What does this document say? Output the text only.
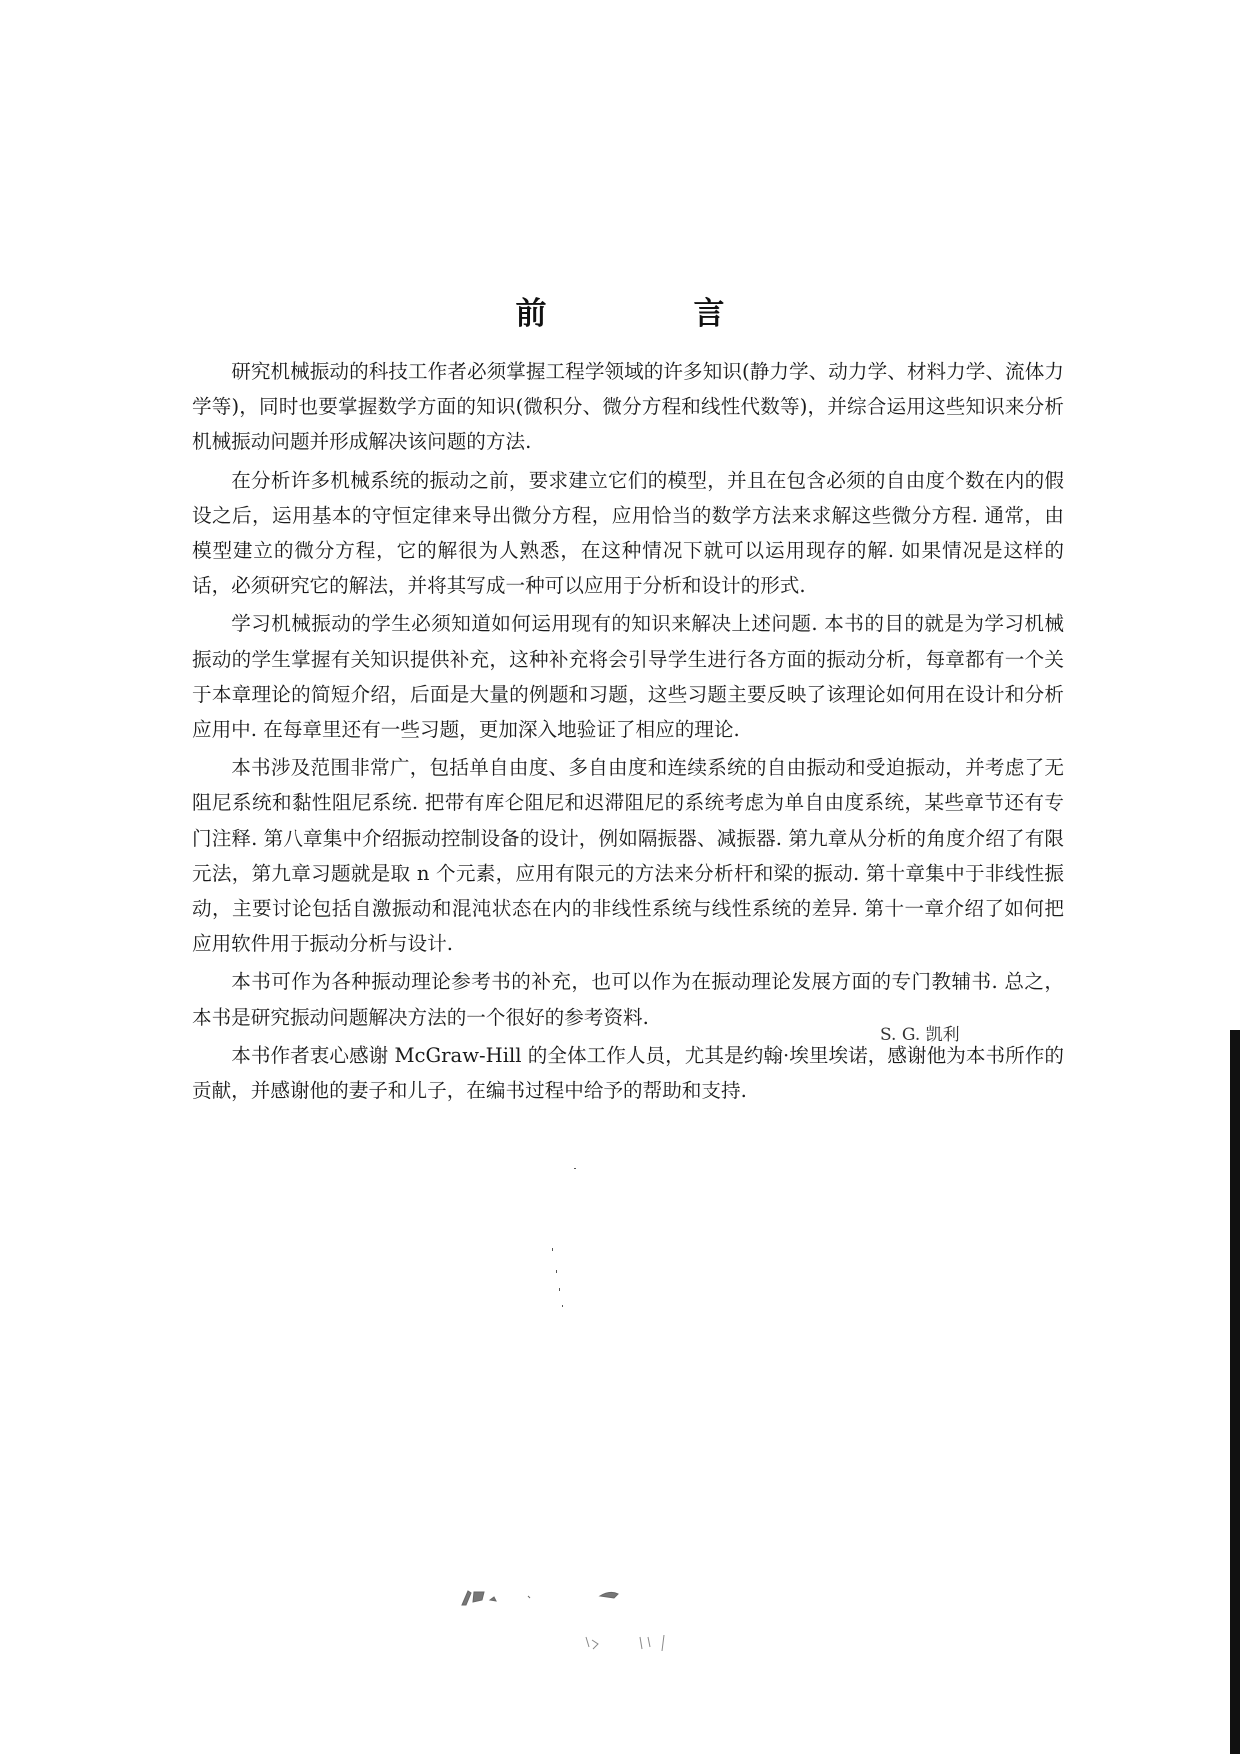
前　言

研究机械振动的科技工作者必须掌握工程学领域的许多知识(静力学、动力学、材料力学、流体力学等)，同时也要掌握数学方面的知识(微积分、微分方程和线性代数等)，并综合运用这些知识来分析机械振动问题并形成解决该问题的方法.

在分析许多机械系统的振动之前，要求建立它们的模型，并且在包含必须的自由度个数在内的假设之后，运用基本的守恒定律来导出微分方程，应用恰当的数学方法来求解这些微分方程. 通常，由模型建立的微分方程，它的解很为人熟悉，在这种情况下就可以运用现存的解. 如果情况是这样的话，必须研究它的解法，并将其写成一种可以应用于分析和设计的形式.

学习机械振动的学生必须知道如何运用现有的知识来解决上述问题. 本书的目的就是为学习机械振动的学生掌握有关知识提供补充，这种补充将会引导学生进行各方面的振动分析，每章都有一个关于本章理论的简短介绍，后面是大量的例题和习题，这些习题主要反映了该理论如何用在设计和分析应用中. 在每章里还有一些习题，更加深入地验证了相应的理论.

本书涉及范围非常广，包括单自由度、多自由度和连续系统的自由振动和受迫振动，并考虑了无阻尼系统和黏性阻尼系统. 把带有库仑阻尼和迟滞阻尼的系统考虑为单自由度系统，某些章节还有专门注释. 第八章集中介绍振动控制设备的设计，例如隔振器、减振器. 第九章从分析的角度介绍了有限元法，第九章习题就是取 n 个元素，应用有限元的方法来分析杆和梁的振动. 第十章集中于非线性振动，主要讨论包括自激振动和混沌状态在内的非线性系统与线性系统的差异. 第十一章介绍了如何把应用软件用于振动分析与设计.

本书可作为各种振动理论参考书的补充，也可以作为在振动理论发展方面的专门教辅书. 总之，本书是研究振动问题解决方法的一个很好的参考资料.

本书作者衷心感谢 McGraw-Hill 的全体工作人员，尤其是约翰·埃里埃诺，感谢他为本书所作的贡献，并感谢他的妻子和儿子，在编书过程中给予的帮助和支持.

S. G. 凯利
